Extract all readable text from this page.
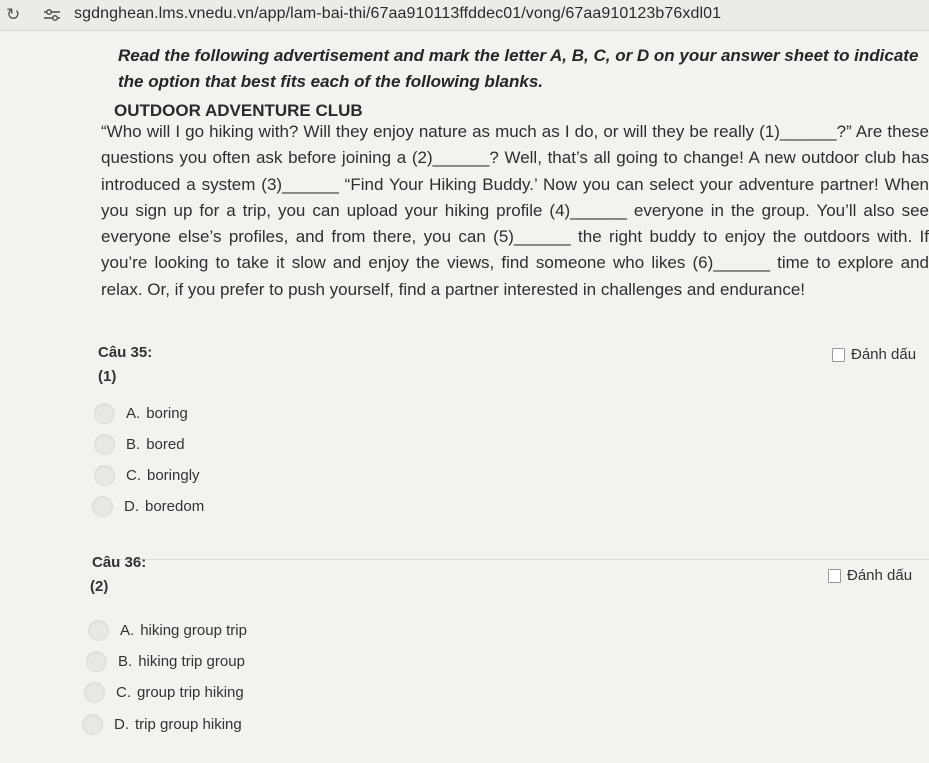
↻	sgdnghean.lms.vnedu.vn/app/lam-bai-thi/67aa910113ffddec01/vong/67aa910123b76xdl01
Read the following advertisement and mark the letter A, B, C, or D on your answer sheet to indicate the option that best fits each of the following blanks.
OUTDOOR ADVENTURE CLUB

“Who will I go hiking with? Will they enjoy nature as much as I do, or will they be really (1)______?” Are these questions you often ask before joining a (2)______? Well, that’s all going to change! A new outdoor club has introduced a system (3)______ “Find Your Hiking Buddy.’ Now you can select your adventure partner! When you sign up for a trip, you can upload your hiking profile (4)______ everyone in the group. You’ll also see everyone else’s profiles, and from there, you can (5)______ the right buddy to enjoy the outdoors with. If you’re looking to take it slow and enjoy the views, find someone who likes (6)______ time to explore and relax. Or, if you prefer to push yourself, find a partner interested in challenges and endurance!

Câu 35:
(1)
Đánh dấu
A. boring
B. bored
C. boringly
D. boredom
Câu 36:
(2)
Đánh dấu
A. hiking group trip
B. hiking trip group
C. group trip hiking
D. trip group hiking
